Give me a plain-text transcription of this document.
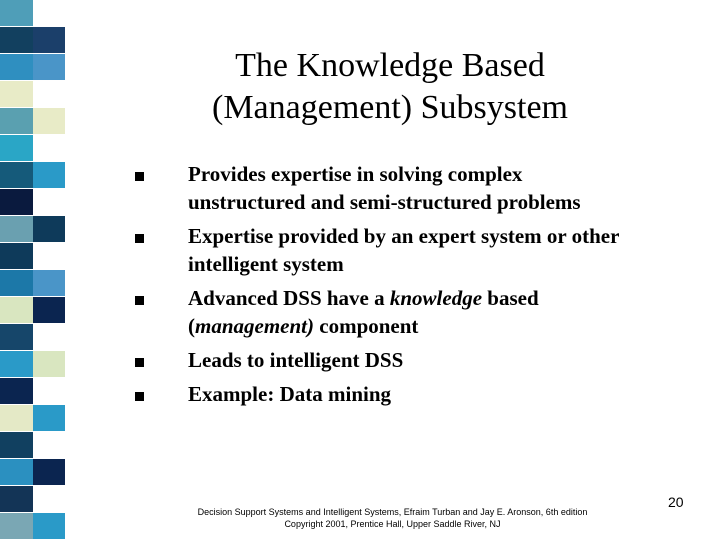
The Knowledge Based
(Management) Subsystem
Provides expertise in solving complex
unstructured and semi-structured problems
Expertise provided by an expert system or other
intelligent system
Advanced DSS have a knowledge based
(management) component
Leads to intelligent DSS
Example: Data mining
Decision Support Systems and Intelligent Systems, Efraim Turban and Jay E. Aronson, 6th edition
Copyright 2001, Prentice Hall, Upper Saddle River, NJ
20
